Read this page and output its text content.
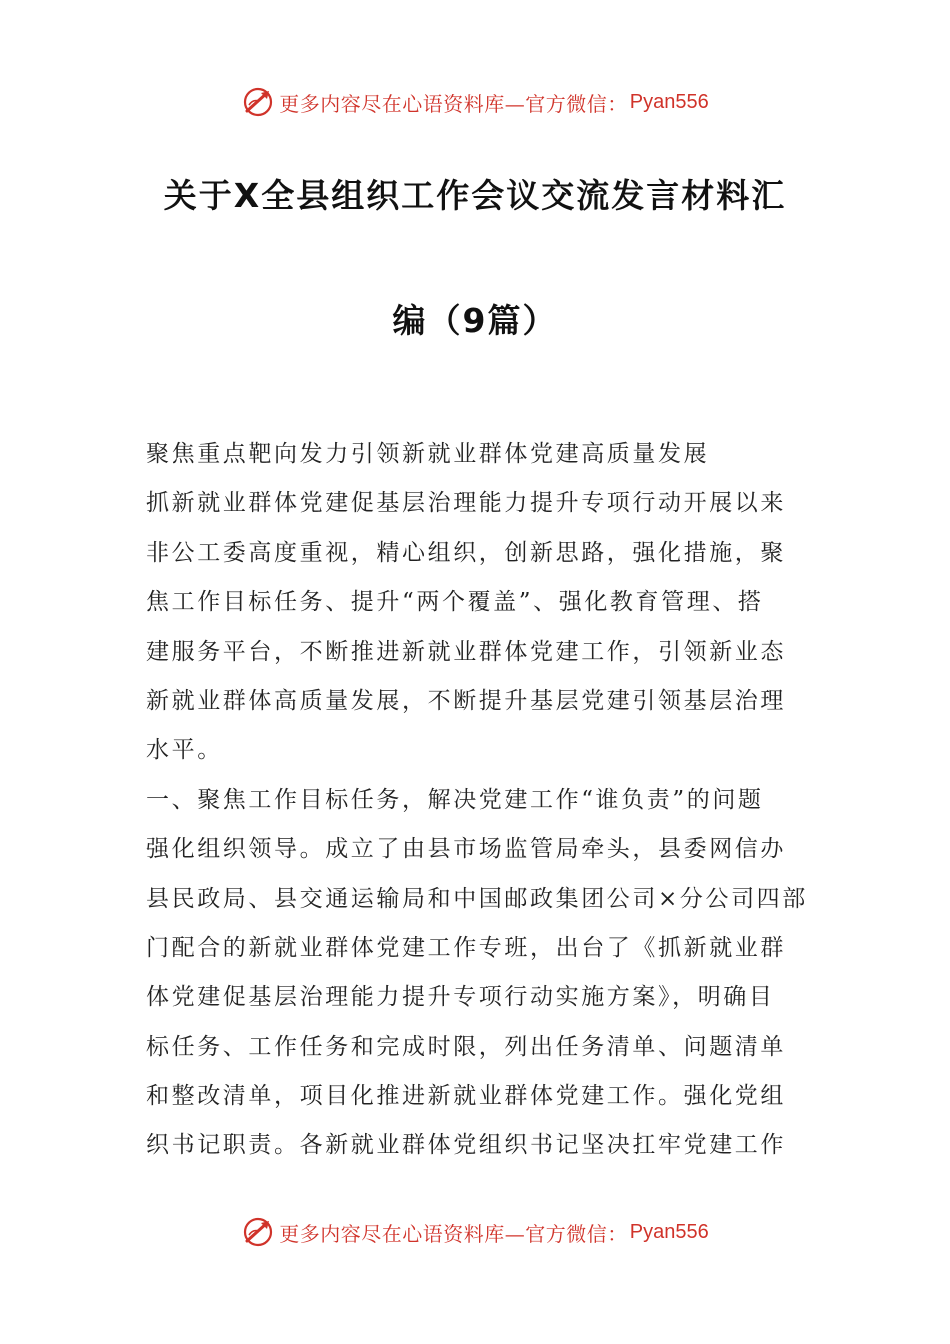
更多内容尽在心语资料库—官方微信： Pyan556
关于X全县组织工作会议交流发言材料汇
编（9篇）
聚焦重点靶向发力引领新就业群体党建高质量发展
抓新就业群体党建促基层治理能力提升专项行动开展以来
非公工委高度重视，精心组织，创新思路，强化措施，聚
焦工作目标任务、提升“两个覆盖”、强化教育管理、搭
建服务平台，不断推进新就业群体党建工作，引领新业态
新就业群体高质量发展，不断提升基层党建引领基层治理
水平。
一、聚焦工作目标任务，解决党建工作“谁负责”的问题
强化组织领导。成立了由县市场监管局牵头，县委网信办
县民政局、县交通运输局和中国邮政集团公司×分公司四部
门配合的新就业群体党建工作专班，出台了《抓新就业群
体党建促基层治理能力提升专项行动实施方案》，明确目
标任务、工作任务和完成时限，列出任务清单、问题清单
和整改清单，项目化推进新就业群体党建工作。强化党组
织书记职责。各新就业群体党组织书记坚决扛牢党建工作
更多内容尽在心语资料库—官方微信： Pyan556
